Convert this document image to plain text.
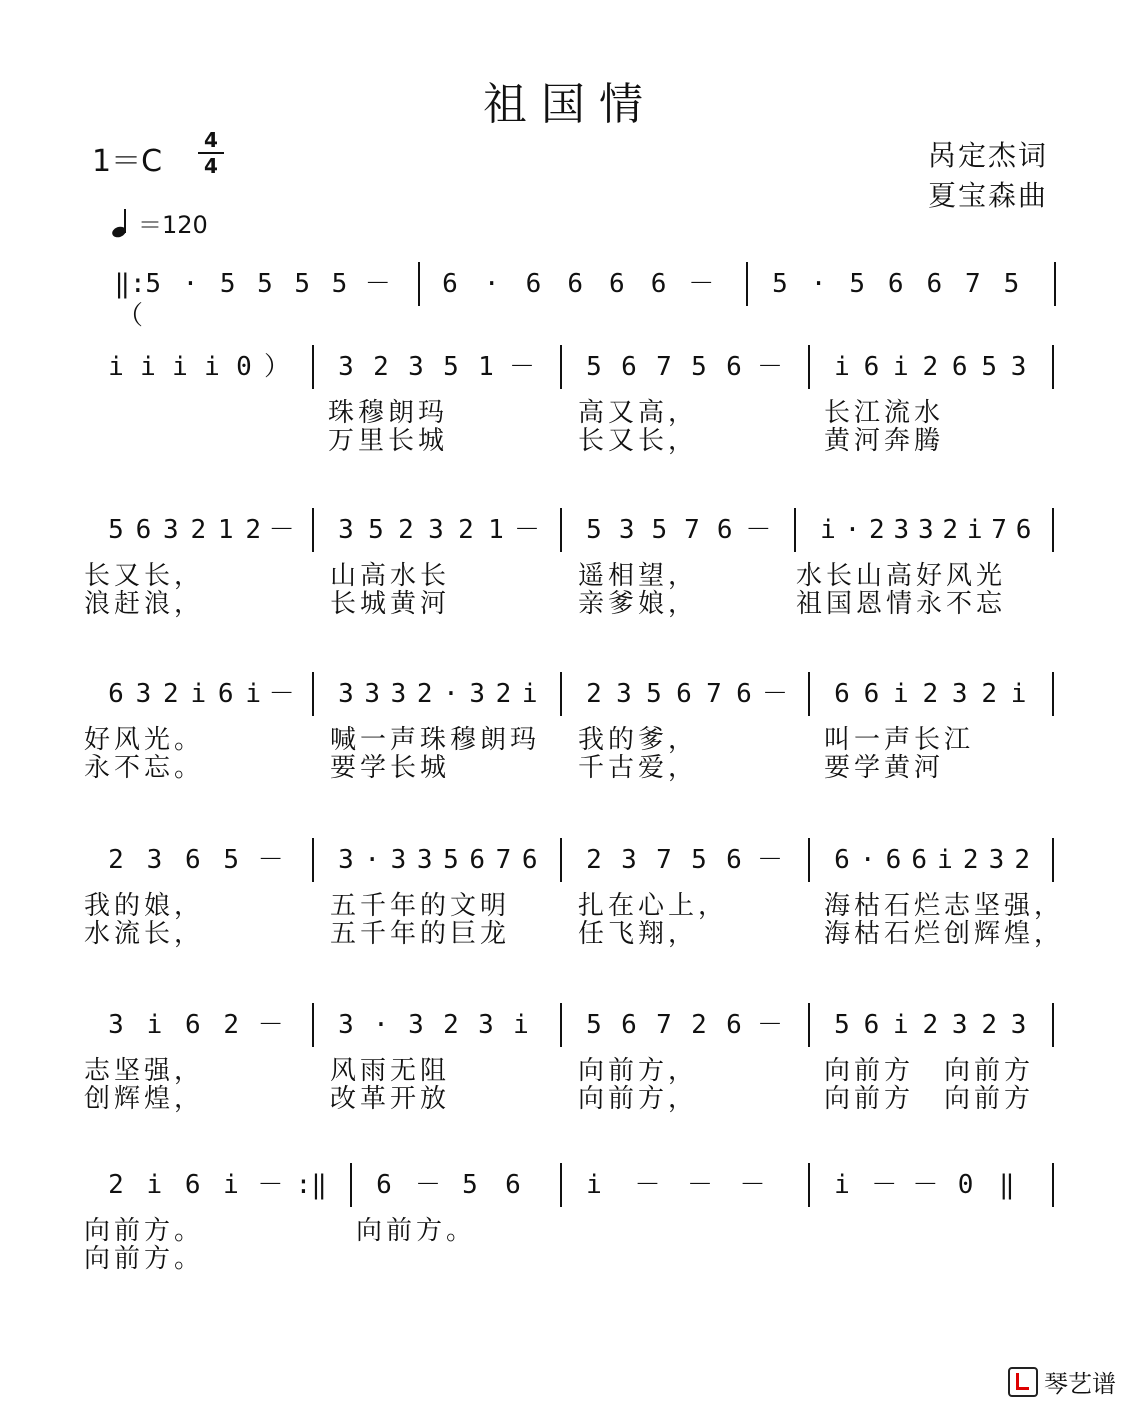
祖国情
1＝C
4
4
＝120
呙定杰词
夏宝森曲
‖:（
5 · 5 5 5 5 － 6 · 6 6 6 6 － 5 · 5 6 6 7 5
i i i i 0 ） 3 2 3 5 1 － 5 6 7 5 6 － i 6 i 2 6 5 3
珠穆朗玛	高又高，	长江流水
万里长城	长又长，	黄河奔腾
5 6 3 2 1 2 － 3 5 2 3 2 1 － 5 3 5 7 6 － i · 2 3 3 2 i 7 6
长又长，	山高水长	遥相望，	水长山高好风光
浪赶浪，	长城黄河	亲爹娘，	祖国恩情永不忘
6 3 2 i 6 i － 3 3 3 2 · 3 2 i 2 3 5 6 7 6 － 6 6 i 2 3 2 i
好风光。	喊一声珠穆朗玛 我的爹，	叫一声长江
永不忘。	要学长城	千古爱，	要学黄河
2 3 6 5 － 3 · 3 3 5 6 7 6 2 3 7 5 6 － 6 · 6 6 i 2 3 2
我的娘，	五千年的文明	扎在心上，	海枯石烂志坚强，
水流长，	五千年的巨龙	任飞翔，	海枯石烂创辉煌，
3 i 6 2 － 3 · 3 2 3 i 5 6 7 2 6 － 5 6 i 2 3 2 3
志坚强，	风雨无阻	向前方，	向前方　向前方
创辉煌，	改革开放	向前方，	向前方　向前方
2 i 6 i － :‖ 6 － 5 6	i － － －	i － － 0 ‖
向前方。	向前方。
向前方。
琴艺谱
